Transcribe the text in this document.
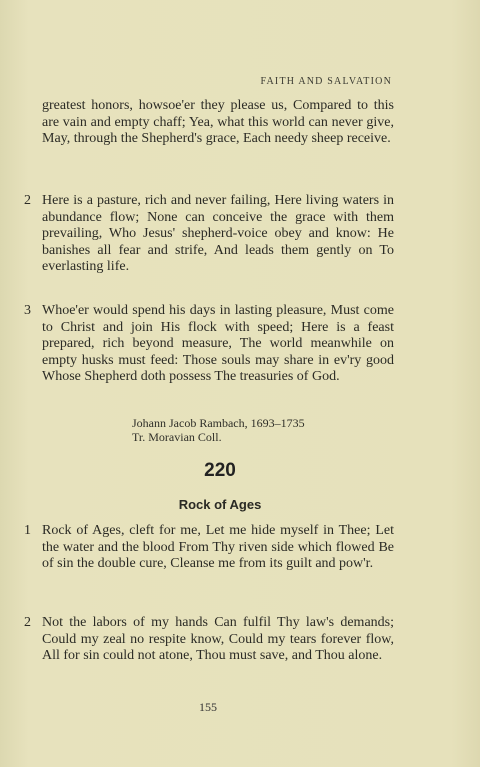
FAITH AND SALVATION
greatest honors, howsoe'er they please us, Compared to this are vain and empty chaff; Yea, what this world can never give, May, through the Shepherd's grace, Each needy sheep receive.
2 Here is a pasture, rich and never failing, Here living waters in abundance flow; None can conceive the grace with them prevailing, Who Jesus' shepherd-voice obey and know: He banishes all fear and strife, And leads them gently on To everlasting life.
3 Whoe'er would spend his days in lasting pleasure, Must come to Christ and join His flock with speed; Here is a feast prepared, rich beyond measure, The world meanwhile on empty husks must feed: Those souls may share in ev'ry good Whose Shepherd doth possess The treasuries of God.
Johann Jacob Rambach, 1693–1735
Tr. Moravian Coll.
220
Rock of Ages
1 Rock of Ages, cleft for me, Let me hide myself in Thee; Let the water and the blood From Thy riven side which flowed Be of sin the double cure, Cleanse me from its guilt and pow'r.
2 Not the labors of my hands Can fulfil Thy law's demands; Could my zeal no respite know, Could my tears forever flow, All for sin could not atone, Thou must save, and Thou alone.
155
